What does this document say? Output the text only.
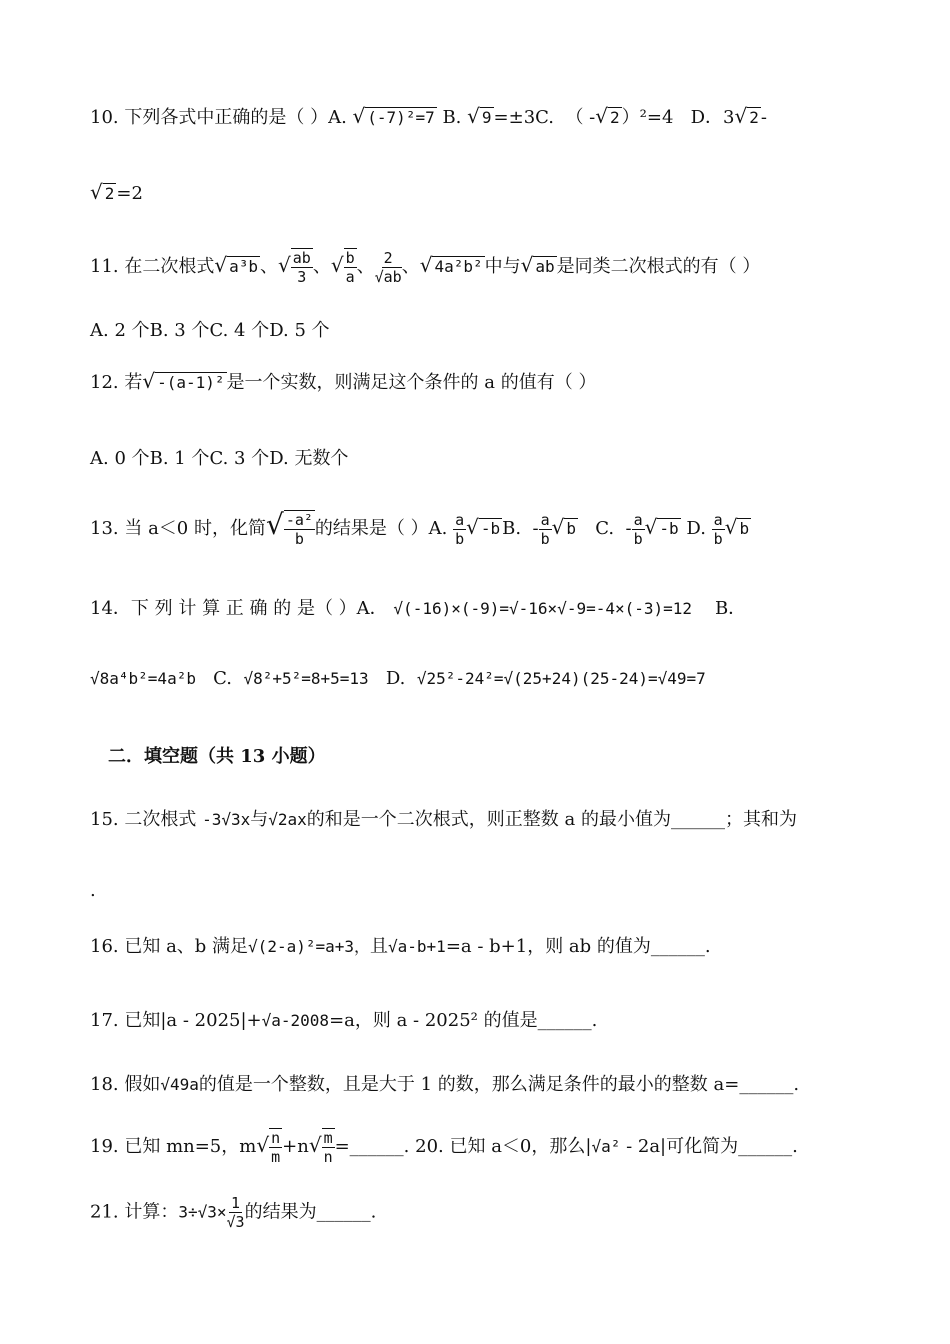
10. 下列各式中正确的是（ ）A. √ (-7)²=7 B. √ 9 =±3C. （ -√ 2 ）²=4 D．3√ 2 -
√ 2 =2
11. 在二次根式√ a³b 、√ $\frac{ab}{3}$ 、√ $\frac{b}{a}$ 、 $\frac{2}{√ab}$ 、√ 4a²b² 中与√ ab 是同类二次根式的有（ ）
A. 2 个B. 3 个C. 4 个D. 5 个
12. 若√ -(a-1)² 是一个实数，则满足这个条件的 a 的值有（ ）
A. 0 个B. 1 个C. 3 个D. 无数个
13. 当 a＜0 时，化简√ $\frac{\text{-a²}}{b}$ 的结果是（ ）A. $\frac{a}{b}$ √ -b B.  - $\frac{a}{b}$ √ b C.  - $\frac{a}{b}$ √ -b D. $\frac{a}{b}$ √ b
14．下 列 计 算 正 确 的 是（ ）A． √(-16)×(-9)=√-16×√-9=-4×(-3)=12 B．
√8a⁴b²=4a²b C. √8²+5²=8+5=13 D. √25²-24²=√(25+24)(25-24)=√49=7
二．填空题（共 13 小题）
15. 二次根式 -3√3x与√2ax的和是一个二次根式，则正整数 a 的最小值为______；其和为
.
16. 已知 a、b 满足√(2-a)²=a+3，且√a-b+1=a - b+1，则 ab 的值为______.
17. 已知|a - 2025|+√a-2008=a，则 a - 2025² 的值是______.
18. 假如√49a的值是一个整数，且是大于 1 的数，那么满足条件的最小的整数 a=______.
19. 已知 mn=5，$m√ \frac{n}{m} +n√ \frac{m}{n}$ =______. 20. 已知 a＜0，那么|√a² - 2a|可化简为______.
21. 计算：$3\div√3\times \frac{1}{√3}$ 的结果为______.
